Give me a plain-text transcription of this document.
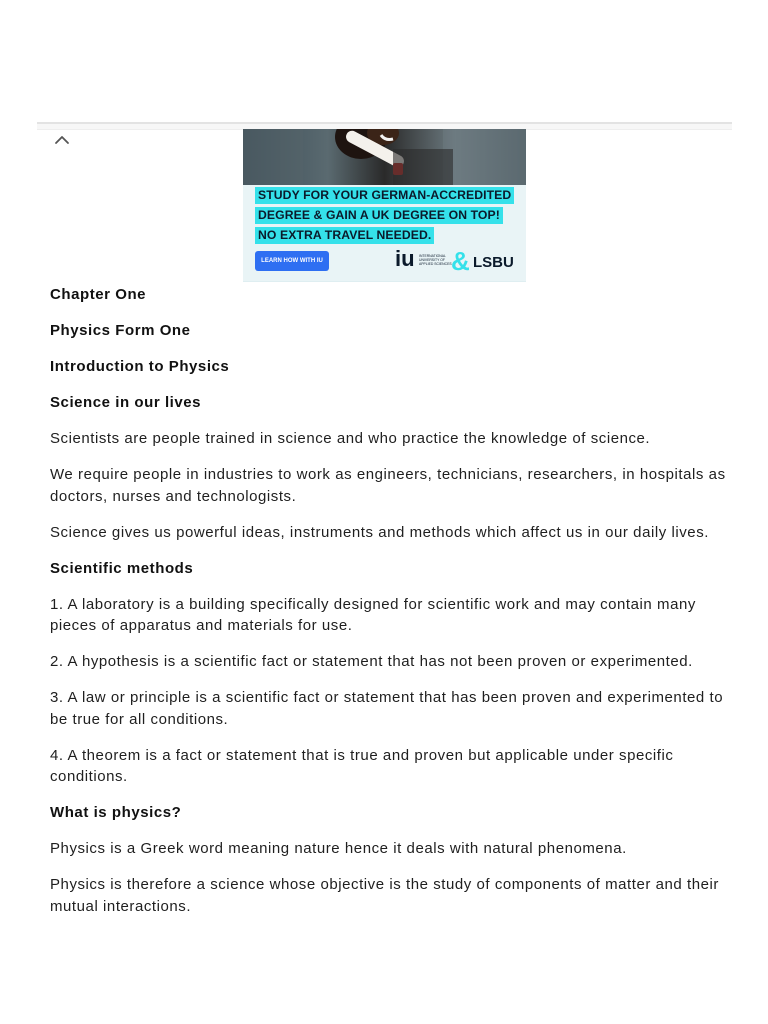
STUDY FOR YOUR GERMAN-ACCREDITED
DEGREE & GAIN A UK DEGREE ON TOP!
NO EXTRA TRAVEL NEEDED.
LEARN HOW WITH IU	iu INTERNATIONAL
UNIVERSITY OF
APPLIED SCIENCES & LSBU

Chapter One

Physics Form One

Introduction to Physics

Science in our lives

Scientists are people trained in science and who practice the knowledge of science.

We require people in industries to work as engineers, technicians, researchers, in hospitals as doctors, nurses and technologists.

Science gives us powerful ideas, instruments and methods which affect us in our daily lives.

Scientific methods

1. A laboratory is a building specifically designed for scientific work and may contain many pieces of apparatus and materials for use.

2. A hypothesis is a scientific fact or statement that has not been proven or experimented.

3. A law or principle is a scientific fact or statement that has been proven and experimented to be true for all conditions.

4. A theorem is a fact or statement that is true and proven but applicable under specific conditions.

What is physics?

Physics is a Greek word meaning nature hence it deals with natural phenomena.

Physics is therefore a science whose objective is the study of components of matter and their mutual interactions.
